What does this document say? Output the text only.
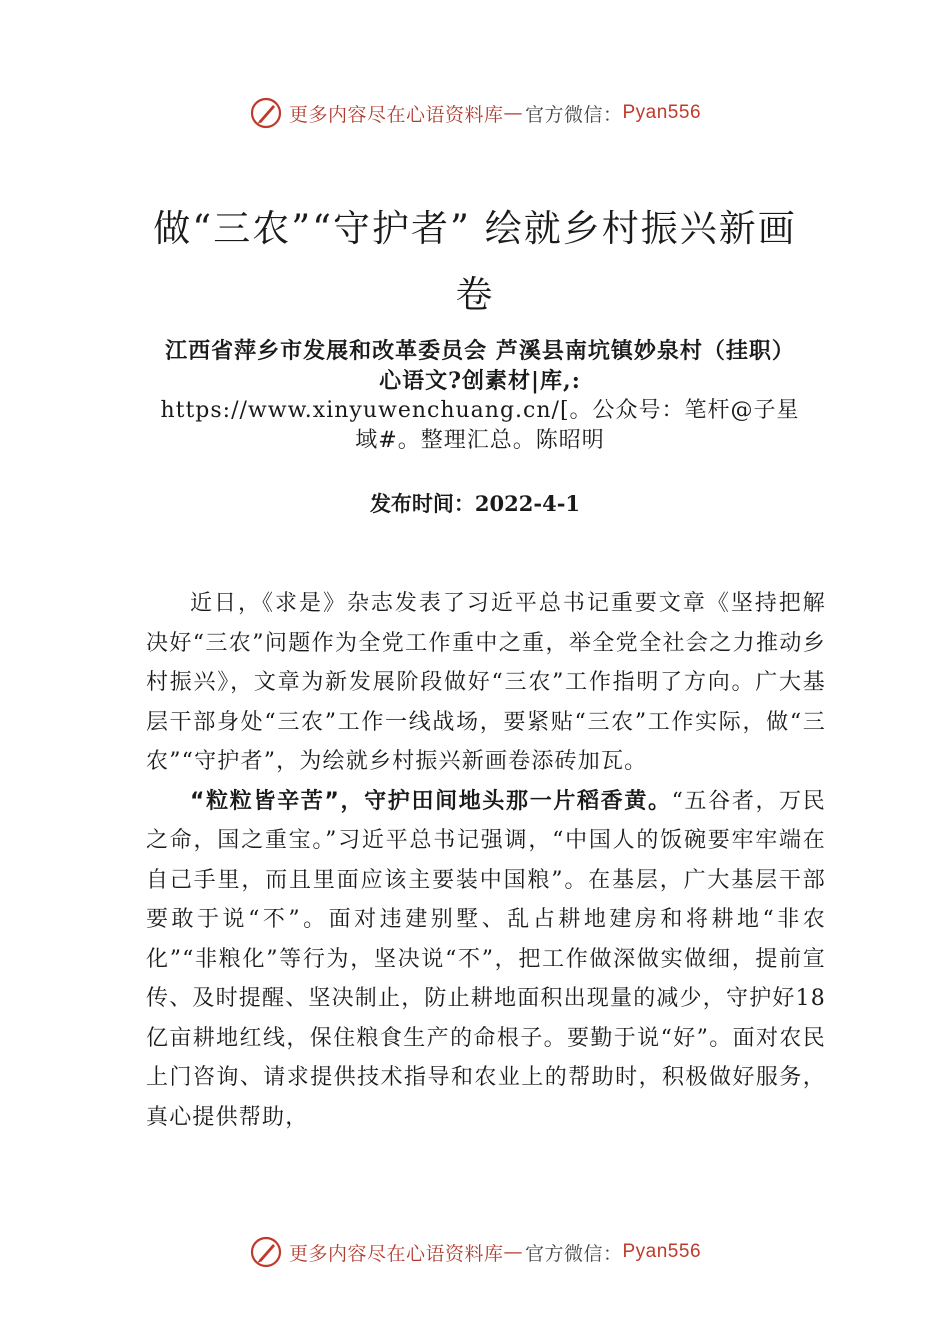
更多内容尽在心语资料库 — 官方微信： Pyan556
做“三农”“守护者” 绘就乡村振兴新画卷
江西省萍乡市发展和改革委员会 芦溪县南坑镇妙泉村（挂职） 心语文?创素材|库,:
https://www.xinyuwenchuang.cn/[。公众号：笔杆@子星域#。整理汇总。陈昭明
发布时间：2022-4-1

近日，《求是》杂志发表了习近平总书记重要文章《坚持把解决好“三农”问题作为全党工作重中之重，举全党全社会之力推动乡村振兴》，文章为新发展阶段做好“三农”工作指明了方向。广大基层干部身处“三农”工作一线战场，要紧贴“三农”工作实际，做“三农”“守护者”，为绘就乡村振兴新画卷添砖加瓦。

“粒粒皆辛苦”，守护田间地头那一片稻香黄。“五谷者，万民之命，国之重宝。”习近平总书记强调，“中国人的饭碗要牢牢端在自己手里，而且里面应该主要装中国粮”。在基层，广大基层干部要敢于说“不”。面对违建别墅、乱占耕地建房和将耕地“非农化”“非粮化”等行为，坚决说“不”，把工作做深做实做细，提前宣传、及时提醒、坚决制止，防止耕地面积出现量的减少，守护好18亿亩耕地红线，保住粮食生产的命根子。要勤于说“好”。面对农民上门咨询、请求提供技术指导和农业上的帮助时，积极做好服务，真心提供帮助，

更多内容尽在心语资料库 — 官方微信： Pyan556
